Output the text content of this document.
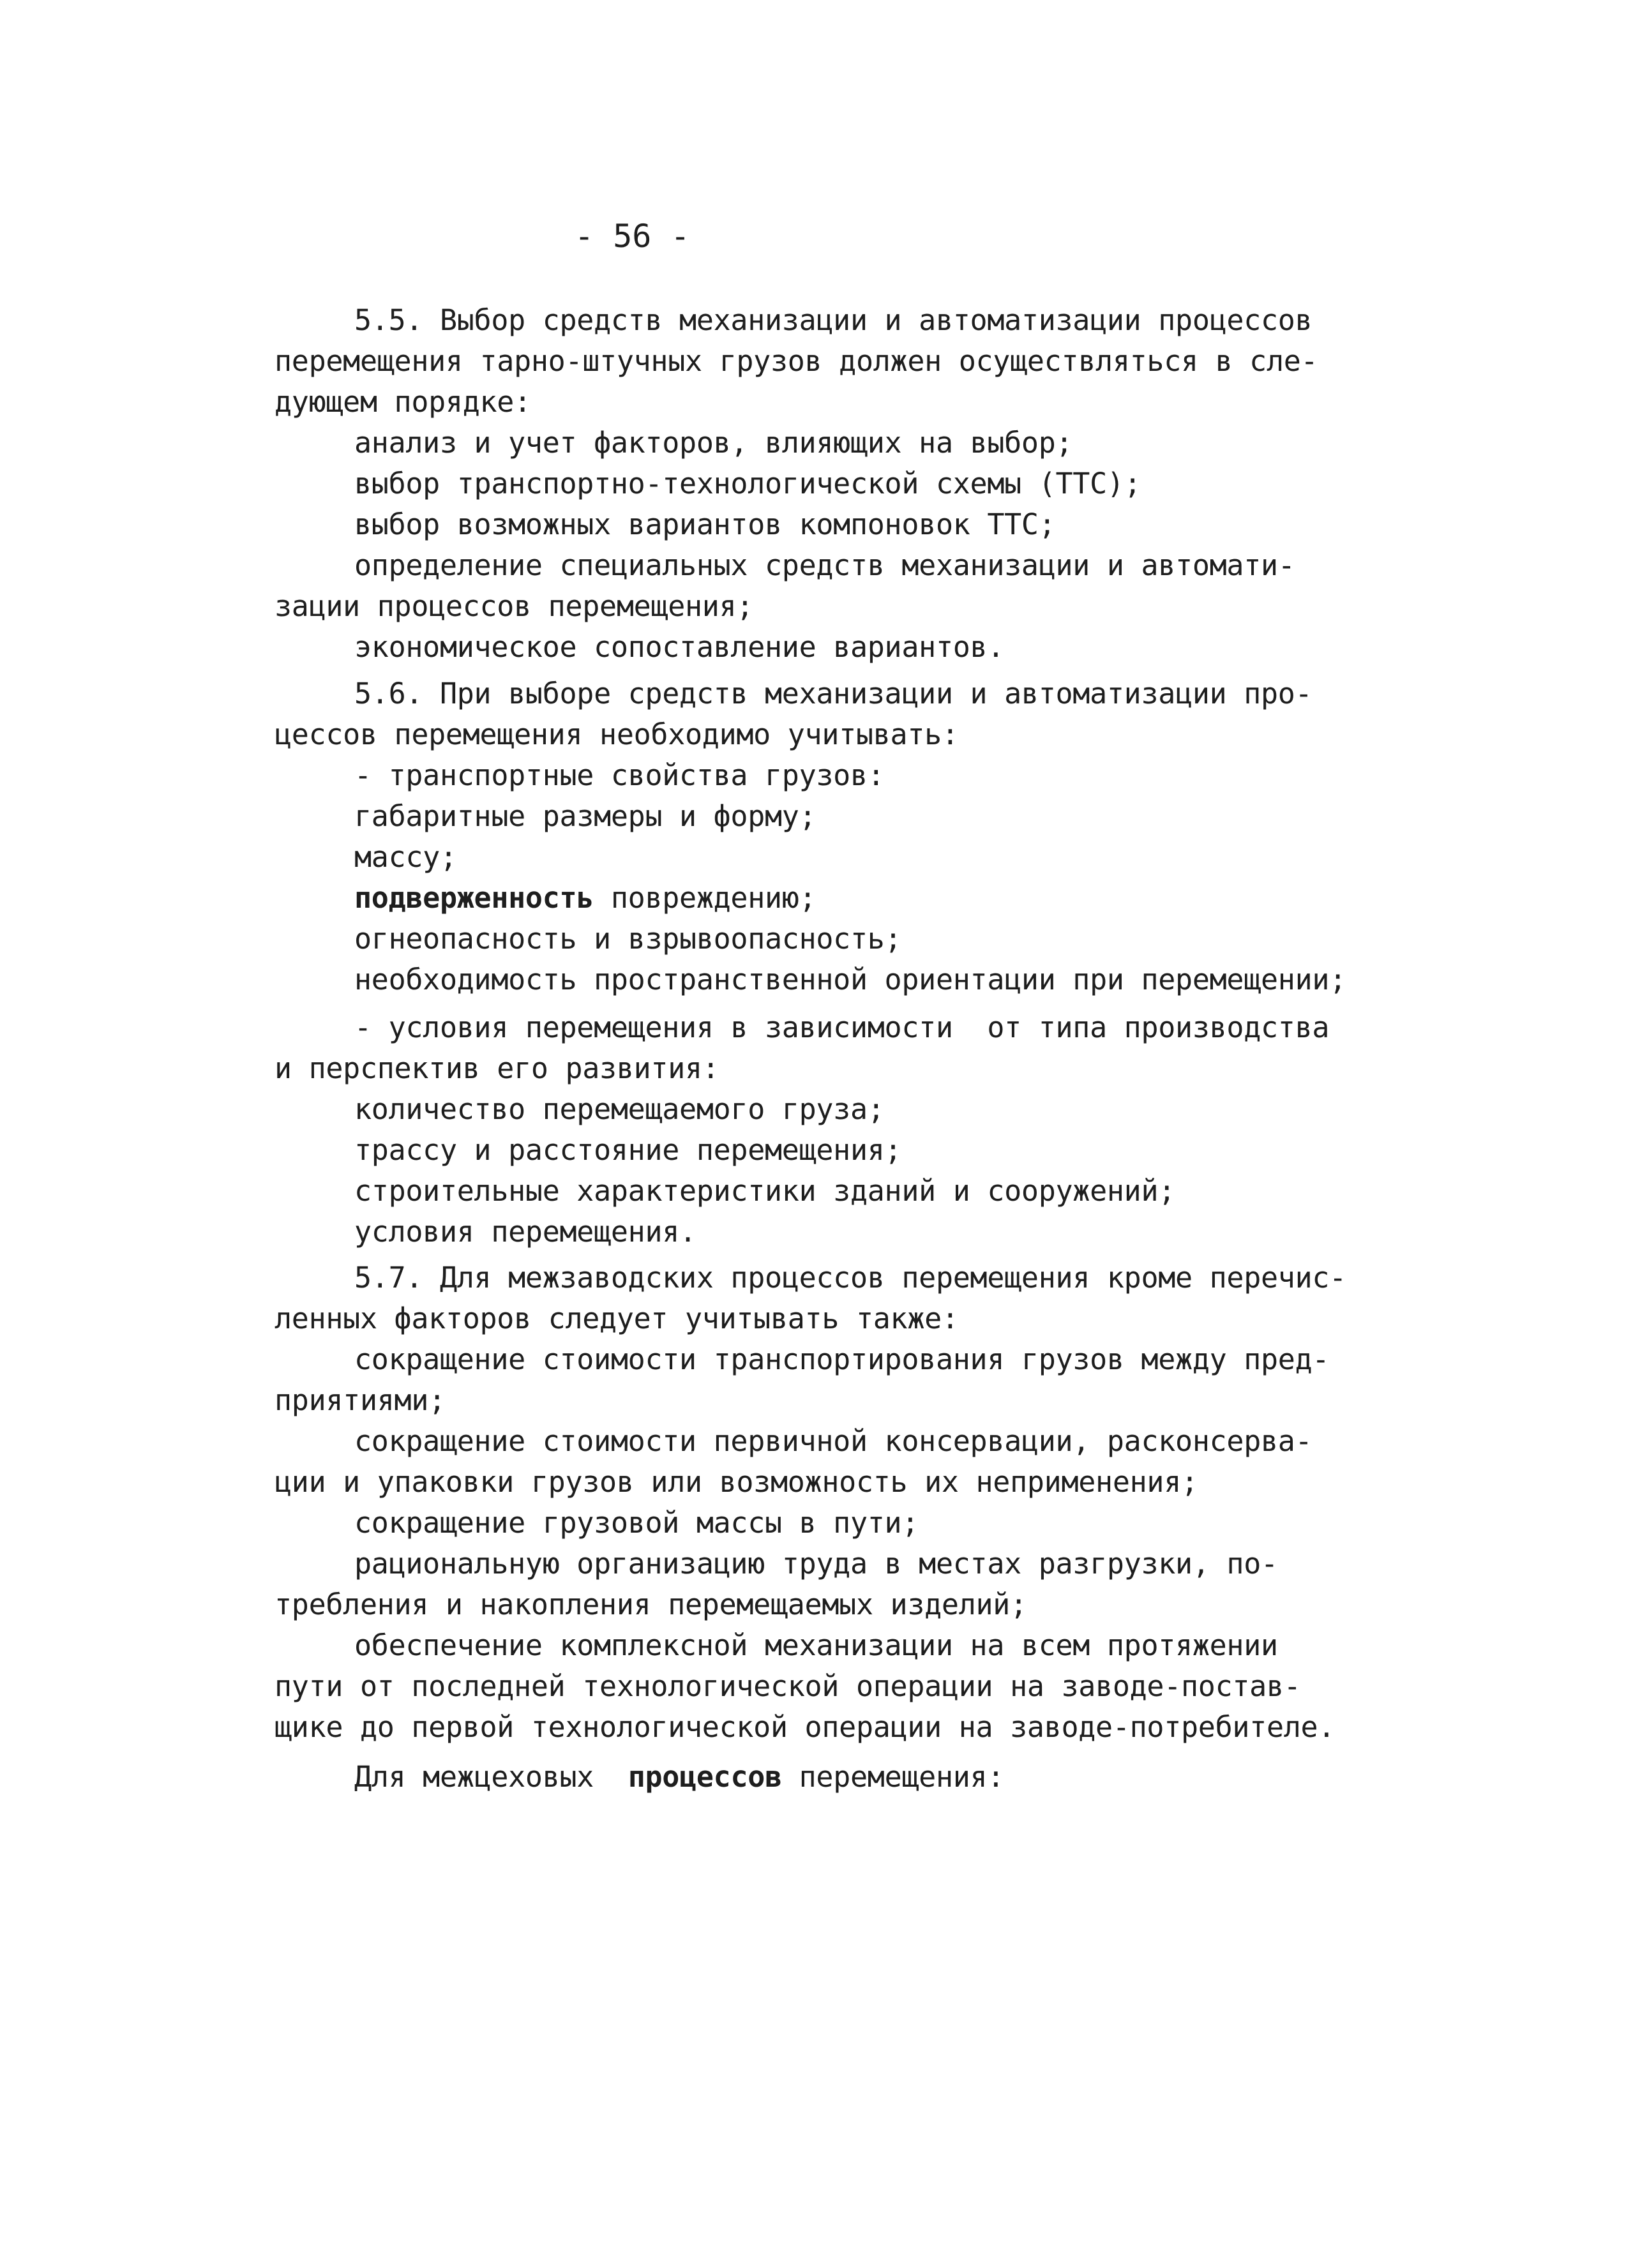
- 56 -
5.5. Выбор средств механизации и автоматизации процессов
перемещения тарно-штучных грузов должен осуществляться в сле-
дующем порядке:
анализ и учет факторов, влияющих на выбор;
выбор транспортно-технологической схемы (ТТС);
выбор возможных вариантов компоновок ТТС;
определение специальных средств механизации и автомати-
зации процессов перемещения;
экономическое сопоставление вариантов.
5.6. При выборе средств механизации и автоматизации про-
цессов перемещения необходимо учитывать:
- транспортные свойства грузов:
габаритные размеры и форму;
массу;
подверженность повреждению;
огнеопасность и взрывоопасность;
необходимость пространственной ориентации при перемещении;
- условия перемещения в зависимости  от типа производства
и перспектив его развития:
количество перемещаемого груза;
трассу и расстояние перемещения;
строительные характеристики зданий и сооружений;
условия перемещения.
5.7. Для межзаводских процессов перемещения кроме перечис-
ленных факторов следует учитывать также:
сокращение стоимости транспортирования грузов между пред-
приятиями;
сокращение стоимости первичной консервации, расконсерва-
ции и упаковки грузов или возможность их неприменения;
сокращение грузовой массы в пути;
рациональную организацию труда в местах разгрузки, по-
требления и накопления перемещаемых изделий;
обеспечение комплексной механизации на всем протяжении
пути от последней технологической операции на заводе-постав-
щике до первой технологической операции на заводе-потребителе.
Для межцеховых  процессов перемещения:
